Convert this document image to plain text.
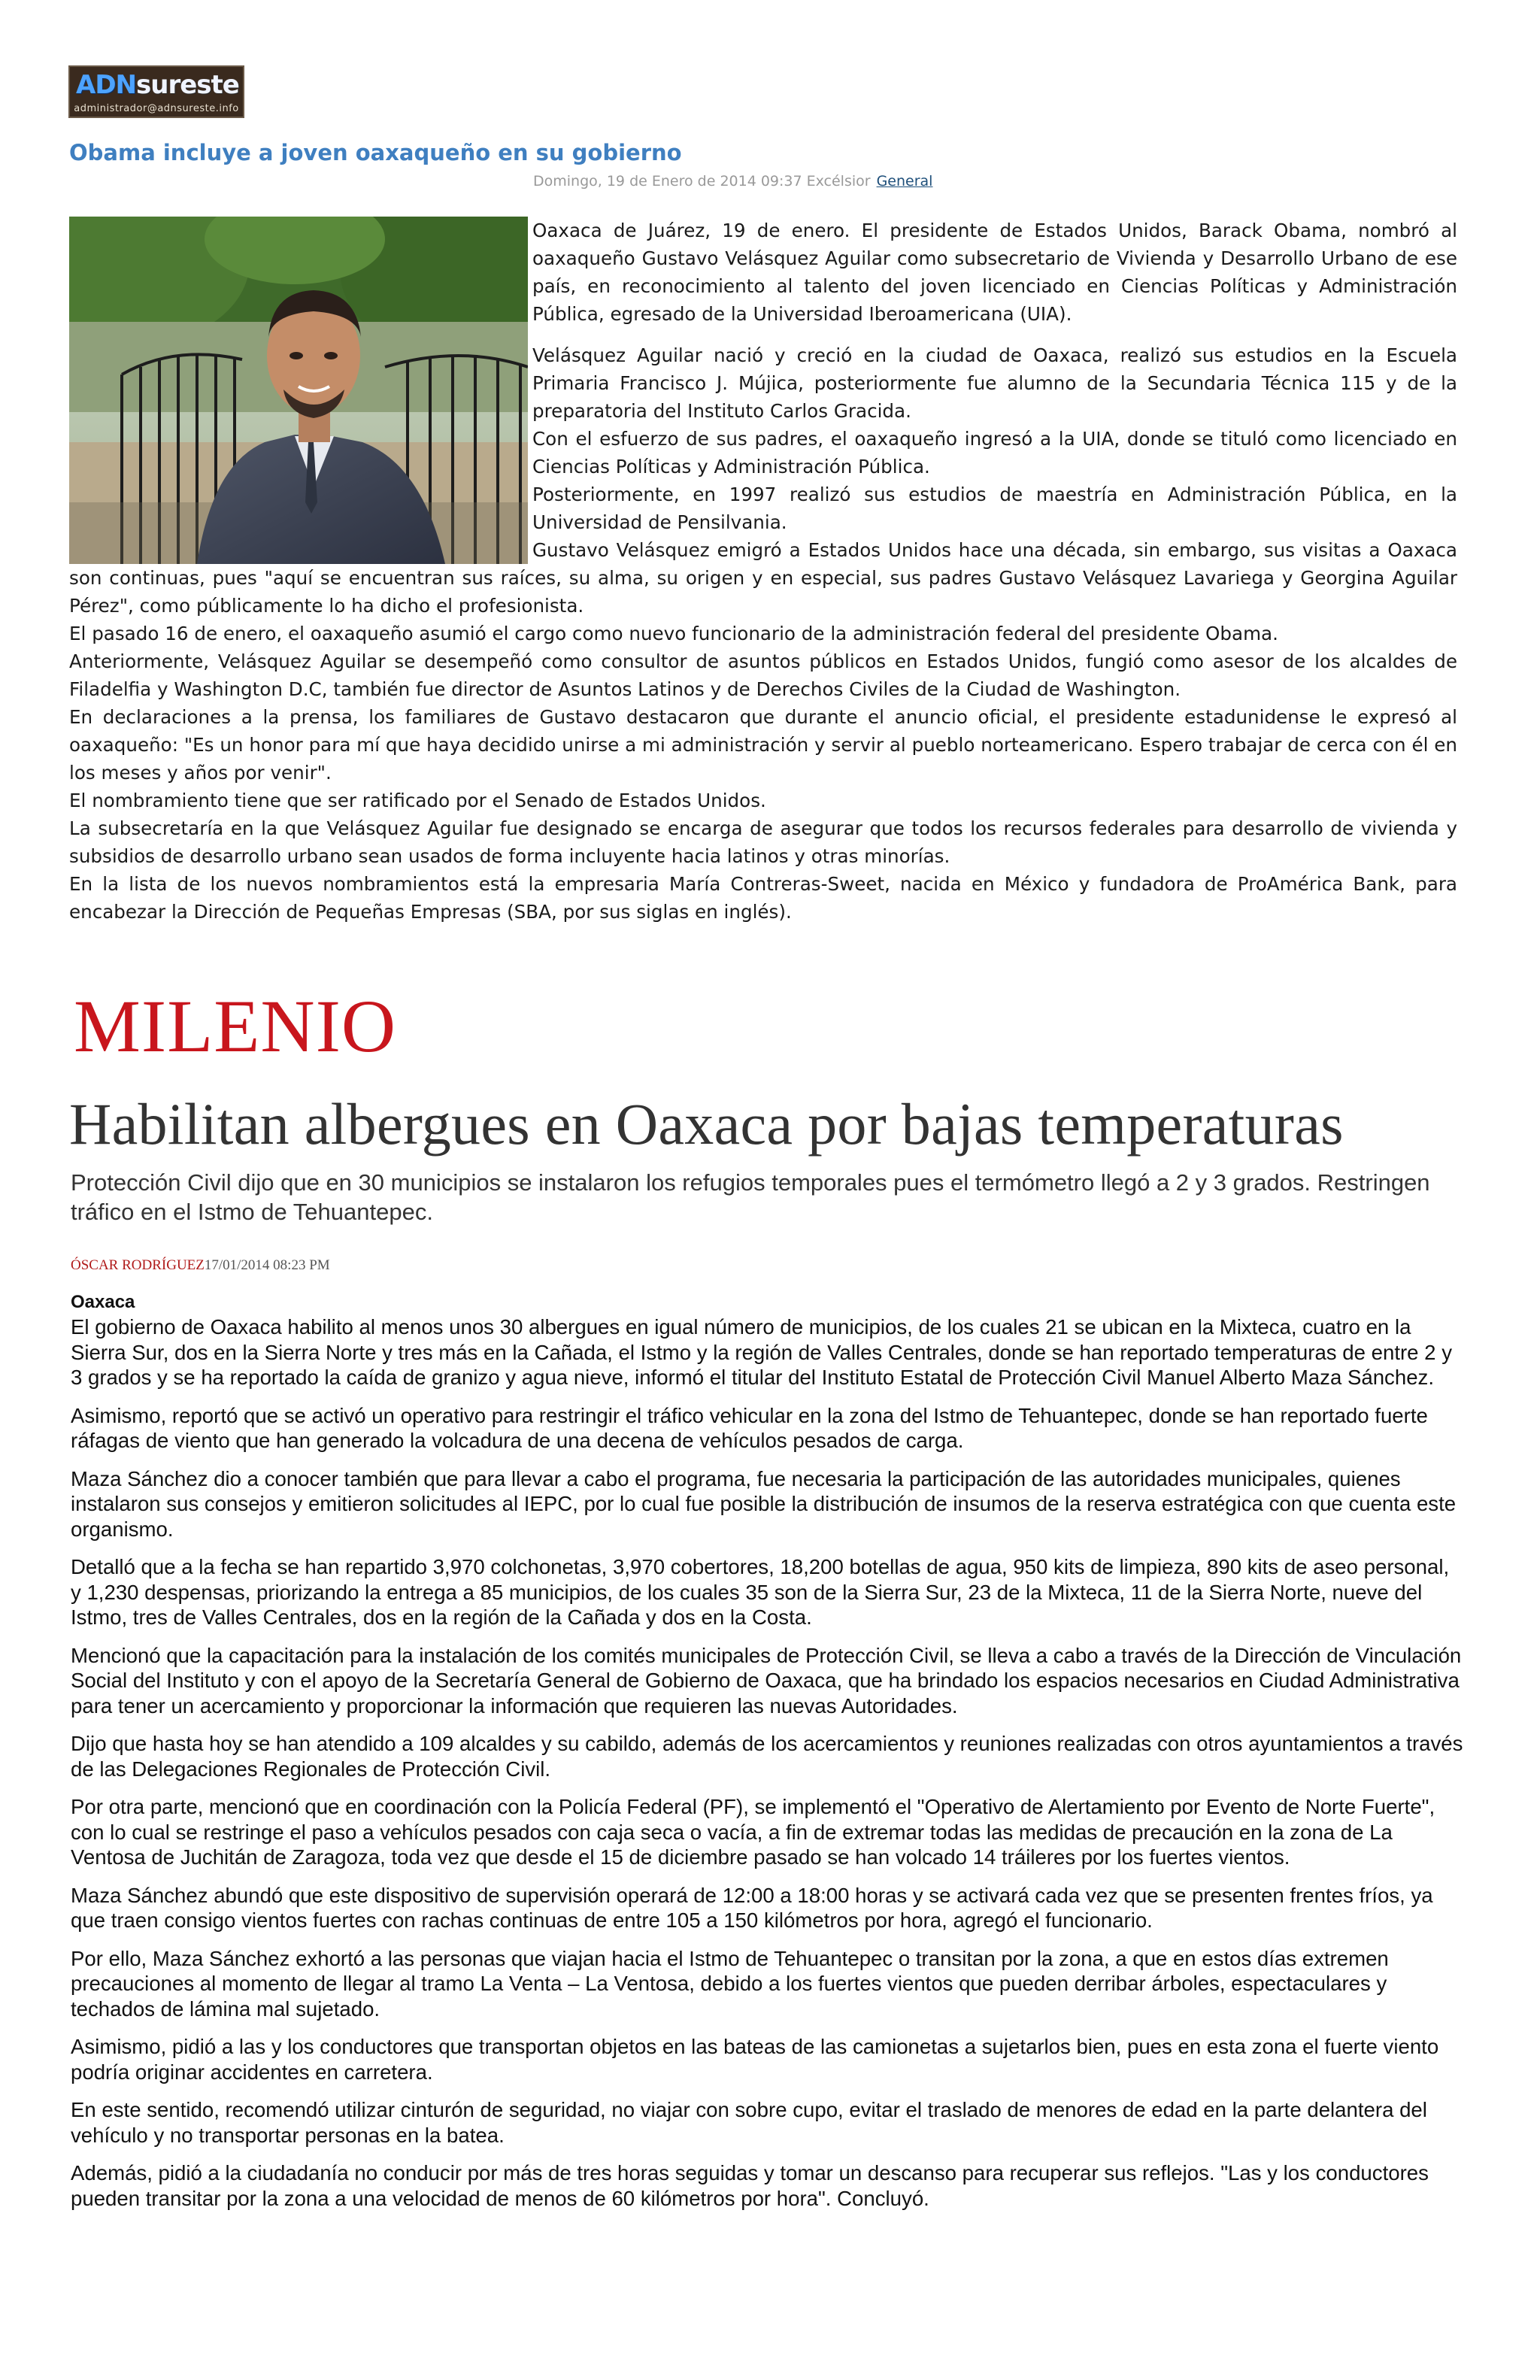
ADNsureste
administrador@adnsureste.info
Obama incluye a joven oaxaqueño en su gobierno
Domingo, 19 de Enero de 2014 09:37 Excélsior General

Oaxaca de Juárez, 19 de enero. El presidente de Estados Unidos, Barack Obama, nombró al oaxaqueño Gustavo Velásquez Aguilar como subsecretario de Vivienda y Desarrollo Urbano de ese país, en reconocimiento al talento del joven licenciado en Ciencias Políticas y Administración Pública, egresado de la Universidad Iberoamericana (UIA).

Velásquez Aguilar nació y creció en la ciudad de Oaxaca, realizó sus estudios en la Escuela Primaria Francisco J. Mújica, posteriormente fue alumno de la Secundaria Técnica 115 y de la preparatoria del Instituto Carlos Gracida.

Con el esfuerzo de sus padres, el oaxaqueño ingresó a la UIA, donde se tituló como licenciado en Ciencias Políticas y Administración Pública.

Posteriormente, en 1997 realizó sus estudios de maestría en Administración Pública, en la Universidad de Pensilvania.

Gustavo Velásquez emigró a Estados Unidos hace una década, sin embargo, sus visitas a Oaxaca son continuas, pues "aquí se encuentran sus raíces, su alma, su origen y en especial, sus padres Gustavo Velásquez Lavariega y Georgina Aguilar Pérez", como públicamente lo ha dicho el profesionista.

El pasado 16 de enero, el oaxaqueño asumió el cargo como nuevo funcionario de la administración federal del presidente Obama.

Anteriormente, Velásquez Aguilar se desempeñó como consultor de asuntos públicos en Estados Unidos, fungió como asesor de los alcaldes de Filadelfia y Washington D.C, también fue director de Asuntos Latinos y de Derechos Civiles de la Ciudad de Washington.

En declaraciones a la prensa, los familiares de Gustavo destacaron que durante el anuncio oficial, el presidente estadunidense le expresó al oaxaqueño: "Es un honor para mí que haya decidido unirse a mi administración y servir al pueblo norteamericano. Espero trabajar de cerca con él en los meses y años por venir".

El nombramiento tiene que ser ratificado por el Senado de Estados Unidos.

La subsecretaría en la que Velásquez Aguilar fue designado se encarga de asegurar que todos los recursos federales para desarrollo de vivienda y subsidios de desarrollo urbano sean usados de forma incluyente hacia latinos y otras minorías.

En la lista de los nuevos nombramientos está la empresaria María Contreras-Sweet, nacida en México y fundadora de ProAmérica Bank, para encabezar la Dirección de Pequeñas Empresas (SBA, por sus siglas en inglés).

MILENIO
Habilitan albergues en Oaxaca por bajas temperaturas

Protección Civil dijo que en 30 municipios se instalaron los refugios temporales pues el termómetro llegó a 2 y 3 grados. Restringen tráfico en el Istmo de Tehuantepec.

ÓSCAR RODRÍGUEZ17/01/2014 08:23 PM
Oaxaca

El gobierno de Oaxaca habilito al menos unos 30 albergues en igual número de municipios, de los cuales 21 se ubican en la Mixteca, cuatro en la Sierra Sur, dos en la Sierra Norte y tres más en la Cañada, el Istmo y la región de Valles Centrales, donde se han reportado temperaturas de entre 2 y 3 grados y se ha reportado la caída de granizo y agua nieve, informó el titular del Instituto Estatal de Protección Civil Manuel Alberto Maza Sánchez.

Asimismo, reportó que se activó un operativo para restringir el tráfico vehicular en la zona del Istmo de Tehuantepec, donde se han reportado fuerte ráfagas de viento que han generado la volcadura de una decena de vehículos pesados de carga.

Maza Sánchez dio a conocer también que para llevar a cabo el programa, fue necesaria la participación de las autoridades municipales, quienes instalaron sus consejos y emitieron solicitudes al IEPC, por lo cual fue posible la distribución de insumos de la reserva estratégica con que cuenta este organismo.

Detalló que a la fecha se han repartido 3,970 colchonetas, 3,970 cobertores, 18,200 botellas de agua, 950 kits de limpieza, 890 kits de aseo personal, y 1,230 despensas, priorizando la entrega a 85 municipios, de los cuales 35 son de la Sierra Sur, 23 de la Mixteca, 11 de la Sierra Norte, nueve del Istmo, tres de Valles Centrales, dos en la región de la Cañada y dos en la Costa.

Mencionó que la capacitación para la instalación de los comités municipales de Protección Civil, se lleva a cabo a través de la Dirección de Vinculación Social del Instituto y con el apoyo de la Secretaría General de Gobierno de Oaxaca, que ha brindado los espacios necesarios en Ciudad Administrativa para tener un acercamiento y proporcionar la información que requieren las nuevas Autoridades.

Dijo que hasta hoy se han atendido a 109 alcaldes y su cabildo, además de los acercamientos y reuniones realizadas con otros ayuntamientos a través de las Delegaciones Regionales de Protección Civil.

Por otra parte, mencionó que en coordinación con la Policía Federal (PF), se implementó el "Operativo de Alertamiento por Evento de Norte Fuerte", con lo cual se restringe el paso a vehículos pesados con caja seca o vacía, a fin de extremar todas las medidas de precaución en la zona de La Ventosa de Juchitán de Zaragoza, toda vez que desde el 15 de diciembre pasado se han volcado 14 tráileres por los fuertes vientos.

Maza Sánchez abundó que este dispositivo de supervisión operará de 12:00 a 18:00 horas y se activará cada vez que se presenten frentes fríos, ya que traen consigo vientos fuertes con rachas continuas de entre 105 a 150 kilómetros por hora, agregó el funcionario.

Por ello, Maza Sánchez exhortó a las personas que viajan hacia el Istmo de Tehuantepec o transitan por la zona, a que en estos días extremen precauciones al momento de llegar al tramo La Venta – La Ventosa, debido a los fuertes vientos que pueden derribar árboles, espectaculares y techados de lámina mal sujetado.

Asimismo, pidió a las y los conductores que transportan objetos en las bateas de las camionetas a sujetarlos bien, pues en esta zona el fuerte viento podría originar accidentes en carretera.

En este sentido, recomendó utilizar cinturón de seguridad, no viajar con sobre cupo, evitar el traslado de menores de edad en la parte delantera del vehículo y no transportar personas en la batea.

Además, pidió a la ciudadanía no conducir por más de tres horas seguidas y tomar un descanso para recuperar sus reflejos. "Las y los conductores pueden transitar por la zona a una velocidad de menos de 60 kilómetros por hora". Concluyó.
